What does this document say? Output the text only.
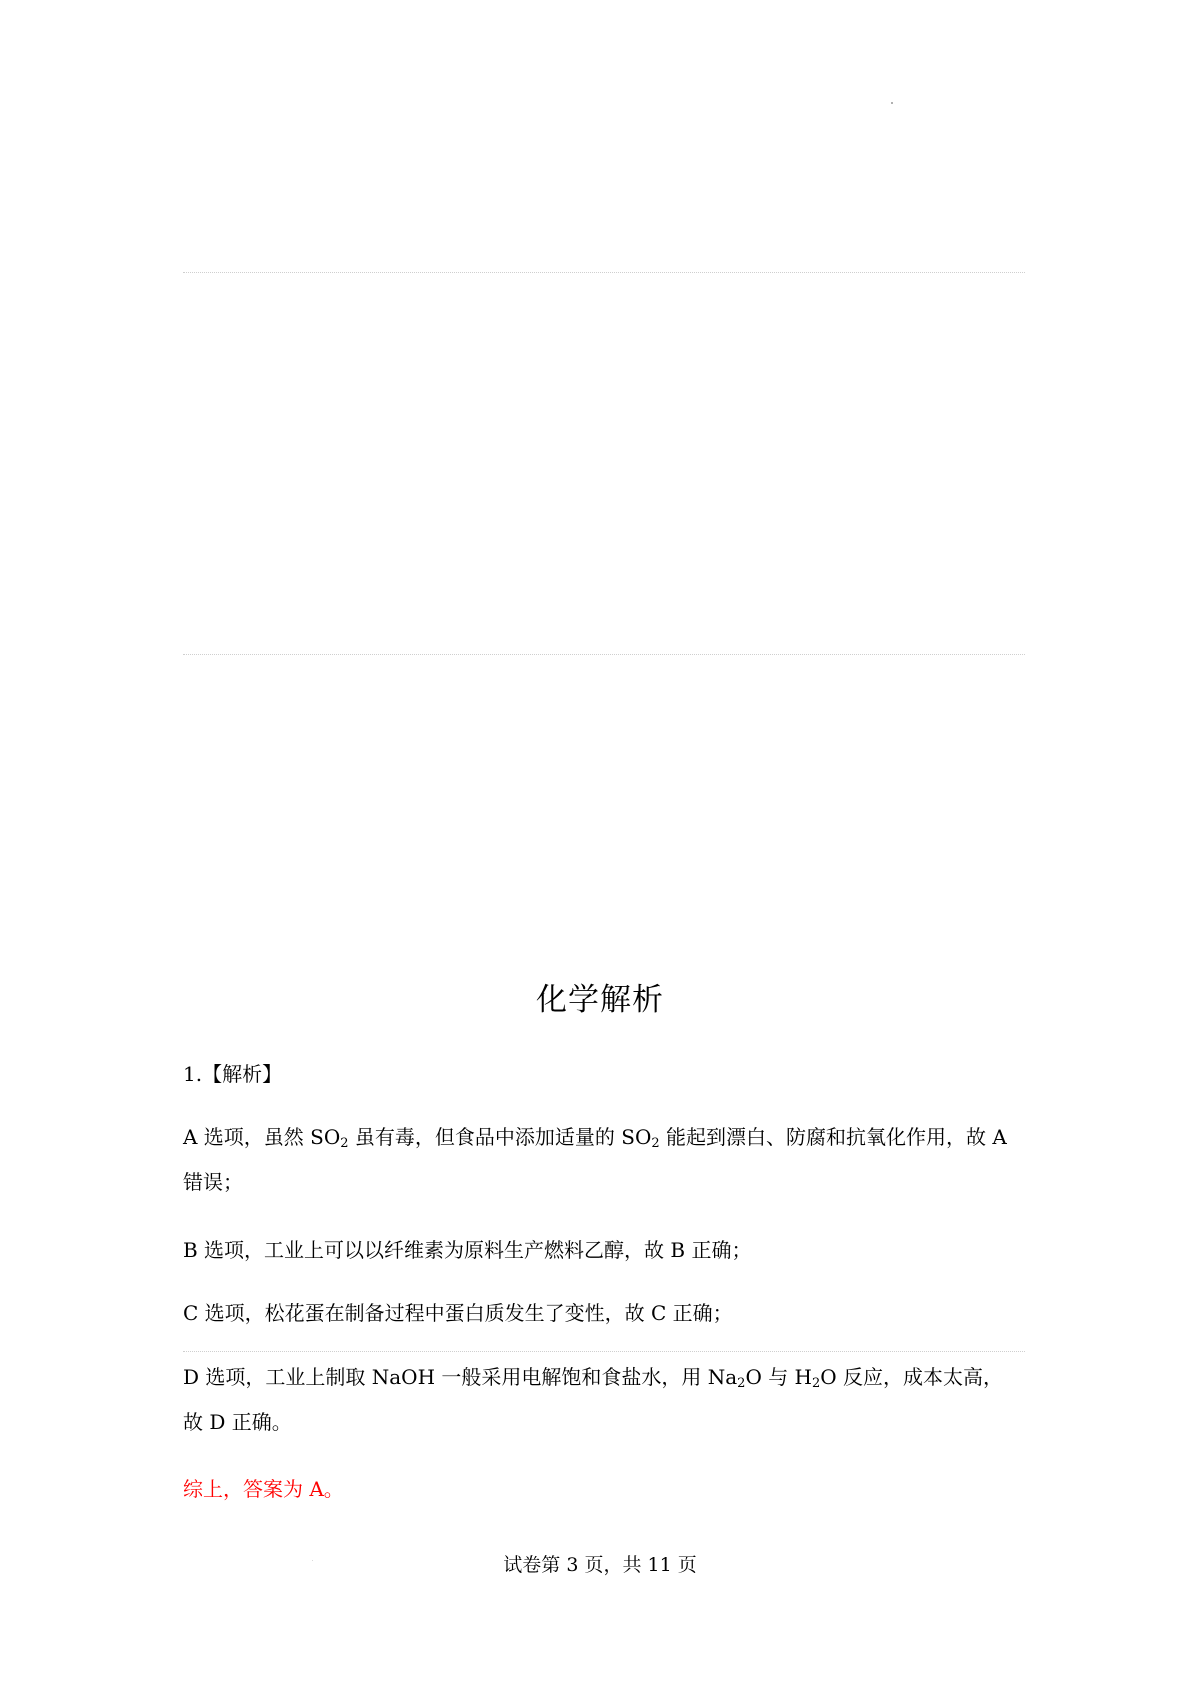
化学解析
1.【解析】
A 选项，虽然 $SO_2$ 虽有毒，但食品中添加适量的 $SO_2$ 能起到漂白、防腐和抗氧化作用，故 A
错误；
B 选项，工业上可以以纤维素为原料生产燃料乙醇，故 B 正确；
C 选项，松花蛋在制备过程中蛋白质发生了变性，故 C 正确；
D 选项，工业上制取 NaOH 一般采用电解饱和食盐水，用 $Na_2O$ 与 $H_2O$ 反应，成本太高，
故 D 正确。
综上，答案为 A。
试卷第 3 页，共 11 页
